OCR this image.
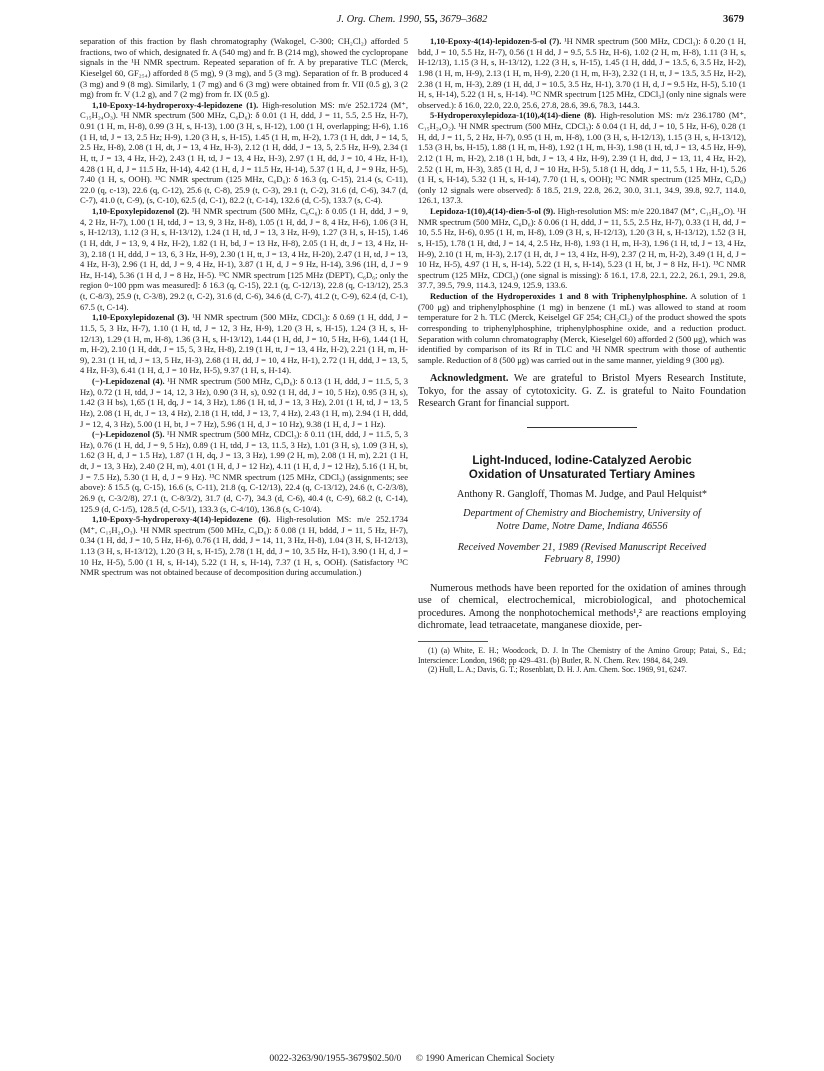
J. Org. Chem. 1990, 55, 3679–3682	3679

separation of this fraction by flash chromatography (Wakogel, C-300; CH₂Cl₂) afforded 5 fractions, two of which, designated fr. A (540 mg) and fr. B (214 mg), showed the cyclopropane signals in the ¹H NMR spectrum. Repeated separation of fr. A by preparative TLC (Merck, Kieselgel 60, GF₂₅₄) afforded 8 (5 mg), 9 (3 mg), and 5 (3 mg). Separation of fr. B produced 4 (3 mg) and 9 (8 mg). Similarly, 1 (7 mg) and 6 (3 mg) were obtained from fr. VII (0.5 g), 3 (2 mg) from fr. V (1.2 g), and 7 (2 mg) from fr. IX (0.5 g).

1,10-Epoxy-14-hydroperoxy-4-lepidozene (1). High-resolution MS: m/e 252.1724 (M⁺, C₁₅H₂₄O₃). ¹H NMR spectrum (500 MHz, C₆D₆): δ 0.01 (1 H, ddd, J = 11, 5.5, 2.5 Hz, H-7), 0.91 (1 H, m, H-8), 0.99 (3 H, s, H-13), 1.00 (3 H, s, H-12), 1.00 (1 H, overlapping; H-6), 1.16 (1 H, td, J = 13, 2.5 Hz; H-9), 1.20 (3 H, s, H-15), 1.45 (1 H, m, H-2), 1.73 (1 H, ddt, J = 14, 5, 2.5 Hz, H-8), 2.08 (1 H, dt, J = 13, 4 Hz, H-3), 2.12 (1 H, ddd, J = 13, 5, 2.5 Hz, H-9), 2.34 (1 H, tt, J = 13, 4 Hz, H-2), 2.43 (1 H, td, J = 13, 4 Hz, H-3), 2.97 (1 H, dd, J = 10, 4 Hz, H-1), 4.28 (1 H, d, J = 11.5 Hz, H-14), 4.42 (1 H, d, J = 11.5 Hz, H-14), 5.37 (1 H, d, J = 9 Hz, H-5), 7.40 (1 H, s, OOH). ¹³C NMR spectrum (125 MHz, C₆D₆): δ 16.3 (q, C-15), 21.4 (s, C-11), 22.0 (q, c-13), 22.6 (q, C-12), 25.6 (t, C-8), 25.9 (t, C-3), 29.1 (t, C-2), 31.6 (d, C-6), 34.7 (d, C-7), 41.0 (t, C-9), (s, C-10), 62.5 (d, C-1), 82.2 (t, C-14), 132.6 (d, C-5), 133.7 (s, C-4).

1,10-Epoxylepidozenol (2). ¹H NMR spectrum (500 MHz, C₆C₆): δ 0.05 (1 H, ddd, J = 9, 4, 2 Hz, H-7), 1.00 (1 H, tdd, J = 13, 9, 3 Hz, H-8), 1.05 (1 H, dd, J = 8, 4 Hz, H-6), 1.06 (3 H, s, H-12/13), 1.12 (3 H, s, H-13/12), 1.24 (1 H, td, J = 13, 3 Hz, H-9), 1.27 (3 H, s, H-15), 1.46 (1 H, ddt, J = 13, 9, 4 Hz, H-2), 1.82 (1 H, bd, J = 13 Hz, H-8), 2.05 (1 H, dt, J = 13, 4 Hz, H-3), 2.18 (1 H, ddd, J = 13, 6, 3 Hz, H-9), 2.30 (1 H, tt, J = 13, 4 Hz, H-20), 2.47 (1 H, td, J = 13, 4 Hz, H-3), 2.96 (1 H, dd, J = 9, 4 Hz, H-1), 3.87 (1 H, d, J = 9 Hz, H-14), 3.96 (1H, d, J = 9 Hz, H-14), 5.36 (1 H d, J = 8 Hz, H-5). ¹³C NMR spectrum [125 MHz (DEPT), C₆D₆; only the region 0~100 ppm was measured]: δ 16.3 (q, C-15), 22.1 (q, C-12/13), 22.8 (q, C-13/12), 25.3 (t, C-8/3), 25.9 (t, C-3/8), 29.2 (t, C-2), 31.6 (d, C-6), 34.6 (d, C-7), 41.2 (t, C-9), 62.4 (d, C-1), 67.5 (t, C-14).

1,10-Epoxylepidozenal (3). ¹H NMR spectrum (500 MHz, CDCl₃): δ 0.69 (1 H, ddd, J = 11.5, 5, 3 Hz, H-7), 1.10 (1 H, td, J = 12, 3 Hz, H-9), 1.20 (3 H, s, H-15), 1.24 (3 H, s, H-12/13), 1.29 (1 H, m, H-8), 1.36 (3 H, s, H-13/12), 1.44 (1 H, dd, J = 10, 5 Hz, H-6), 1.44 (1 H, m, H-2), 2.10 (1 H, ddt, J = 15, 5, 3 Hz, H-8), 2.19 (1 H, tt, J = 13, 4 Hz, H-2), 2.21 (1 H, m, H-9), 2.31 (1 H, td, J = 13, 5 Hz, H-3), 2.68 (1 H, dd, J = 10, 4 Hz, H-1), 2.72 (1 H, ddd, J = 13, 5, 4 Hz, H-3), 6.41 (1 H, d, J = 10 Hz, H-5), 9.37 (1 H, s, H-14).

(−)-Lepidozenal (4). ¹H NMR spectrum (500 MHz, C₆D₆): δ 0.13 (1 H, ddd, J = 11.5, 5, 3 Hz), 0.72 (1 H, tdd, J = 14, 12, 3 Hz), 0.90 (3 H, s), 0.92 (1 H, dd, J = 10, 5 Hz), 0.95 (3 H, s), 1.42 (3 H bs), 1,65 (1 H, dq, J = 14, 3 Hz), 1.86 (1 H, td, J = 13, 3 Hz), 2.01 (1 H, td, J = 13, 5 Hz), 2.08 (1 H, dt, J = 13, 4 Hz), 2.18 (1 H, tdd, J = 13, 7, 4 Hz), 2.43 (1 H, m), 2.94 (1 H, ddd, J = 12, 4, 3 Hz), 5.00 (1 H, bt, J = 7 Hz), 5.96 (1 H, d, J = 10 Hz), 9.38 (1 H, d, J = 1 Hz).

(−)-Lepidozenol (5). ¹H NMR spectrum (500 MHz, CDCl₃): δ 0.11 (1H, ddd, J = 11.5, 5, 3 Hz), 0.76 (1 H, dd, J = 9, 5 Hz), 0.89 (1 H, tdd, J = 13, 11.5, 3 Hz), 1.01 (3 H, s), 1.09 (3 H, s), 1.62 (3 H, d, J = 1.5 Hz), 1.87 (1 H, dq, J = 13, 3 Hz), 1.99 (2 H, m), 2.08 (1 H, m), 2.21 (1 H, dt, J = 13, 3 Hz), 2.40 (2 H, m), 4.01 (1 H, d, J = 12 Hz), 4.11 (1 H, d, J = 12 Hz), 5.16 (1 H, bt, J = 7.5 Hz), 5.30 (1 H, d, J = 9 Hz). ¹³C NMR spectrum (125 MHz, CDCl₃) (assignments; see above): δ 15.5 (q, C-15), 16.6 (s, C-11), 21.8 (q, C-12/13), 22.4 (q, C-13/12), 24.6 (t, C-2/3/8), 26.9 (t, C-3/2/8), 27.1 (t, C-8/3/2), 31.7 (d, C-7), 34.3 (d, C-6), 40.4 (t, C-9), 68.2 (t, C-14), 125.9 (d, C-1/5), 128.5 (d, C-5/1), 133.3 (s, C-4/10), 136.8 (s, C-10/4).

1,10-Epoxy-5-hydroperoxy-4(14)-lepidozene (6). High-resolution MS: m/e 252.1734 (M⁺, C₁₅H₂₄O₃). ¹H NMR spectrum (500 MHz, C₆D₆): δ 0.08 (1 H, bddd, J = 11, 5 Hz, H-7), 0.34 (1 H, dd, J = 10, 5 Hz, H-6), 0.76 (1 H, ddd, J = 14, 11, 3 Hz, H-8), 1.04 (3 H, S, H-12/13), 1.13 (3 H, s, H-13/12), 1.20 (3 H, s, H-15), 2.78 (1 H, dd, J = 10, 3.5 Hz, H-1), 3.90 (1 H, d, J = 10 Hz, H-5), 5.00 (1 H, s, H-14), 5.22 (1 H, s, H-14), 7.37 (1 H, s, OOH). (Satisfactory ¹³C NMR spectrum was not obtained because of decomposition during accumulation.)

1,10-Epoxy-4(14)-lepidozen-5-ol (7). ¹H NMR spectrum (500 MHz, CDCl₃): δ 0.20 (1 H, bdd, J = 10, 5.5 Hz, H-7), 0.56 (1 H dd, J = 9.5, 5.5 Hz, H-6), 1.02 (2 H, m, H-8), 1.11 (3 H, s, H-12/13), 1.15 (3 H, s, H-13/12), 1.22 (3 H, s, H-15), 1.45 (1 H, ddd, J = 13.5, 6, 3.5 Hz, H-2), 1.98 (1 H, m, H-9), 2.13 (1 H, m, H-9), 2.20 (1 H, m, H-3), 2.32 (1 H, tt, J = 13.5, 3.5 Hz, H-2), 2.38 (1 H, m, H-3), 2.89 (1 H, dd, J = 10.5, 3.5 Hz, H-1), 3.70 (1 H, d, J = 9.5 Hz, H-5), 5.10 (1 H, s, H-14), 5.22 (1 H, s, H-14). ¹³C NMR spectrum [125 MHz, CDCl₃] (only nine signals were observed.): δ 16.0, 22.0, 22.0, 25.6, 27.8, 28.6, 39.6, 78.3, 144.3.

5-Hydroperoxylepidoza-1(10),4(14)-diene (8). High-resolution MS: m/z 236.1780 (M⁺, C₁₅H₂₄O₂). ¹H NMR spectrum (500 MHz, CDCl₃): δ 0.04 (1 H, dd, J = 10, 5 Hz, H-6), 0.28 (1 H, dd, J = 11, 5, 2 Hz, H-7), 0.95 (1 H, m, H-8), 1.00 (3 H, s, H-12/13), 1.15 (3 H, s, H-13/12), 1.53 (3 H, bs, H-15), 1.88 (1 H, m, H-8), 1.92 (1 H, m, H-3), 1.98 (1 H, td, J = 13, 4.5 Hz, H-9), 2.12 (1 H, m, H-2), 2.18 (1 H, bdt, J = 13, 4 Hz, H-9), 2.39 (1 H, dtd, J = 13, 11, 4 Hz, H-2), 2.52 (1 H, m, H-3), 3.85 (1 H, d, J = 10 Hz, H-5), 5.18 (1 H, ddq, J = 11, 5.5, 1 Hz, H-1), 5.26 (1 H, s, H-14), 5.32 (1 H, s, H-14), 7.70 (1 H, s, OOH); ¹³C NMR spectrum (125 MHz, C₆D₆) (only 12 signals were observed): δ 18.5, 21.9, 22.8, 26.2, 30.0, 31.1, 34.9, 39.8, 92.7, 114.0, 126.1, 137.3.

Lepidoza-1(10),4(14)-dien-5-ol (9). High-resolution MS: m/e 220.1847 (M⁺, C₁₅H₂₄O). ¹H NMR spectrum (500 MHz, C₆D₆): δ 0.06 (1 H, ddd, J = 11, 5.5, 2.5 Hz, H-7), 0.33 (1 H, dd, J = 10, 5.5 Hz, H-6), 0.95 (1 H, m, H-8), 1.09 (3 H, s, H-12/13), 1.20 (3 H, s, H-13/12), 1.52 (3 H, s, H-15), 1.78 (1 H, dtd, J = 14, 4, 2.5 Hz, H-8), 1.93 (1 H, m, H-3), 1.96 (1 H, td, J = 13, 4 Hz, H-9), 2.10 (1 H, m, H-3), 2.17 (1 H, dt, J = 13, 4 Hz, H-9), 2.37 (2 H, m, H-2), 3.49 (1 H, d, J = 10 Hz, H-5), 4.97 (1 H, s, H-14), 5.22 (1 H, s, H-14), 5.23 (1 H, bt, J = 8 Hz, H-1). ¹³C NMR spectrum (125 MHz, CDCl₃) (one signal is missing): δ 16.1, 17.8, 22.1, 22.2, 26.1, 29.1, 29.8, 37.7, 39.5, 79.9, 114.3, 124.9, 125.9, 133.6.

Reduction of the Hydroperoxides 1 and 8 with Triphenylphosphine. A solution of 1 (700 μg) and triphenylphosphine (1 mg) in benzene (1 mL) was allowed to stand at room temperature for 2 h. TLC (Merck, Keiselgel GF 254; CH₂Cl₂) of the product showed the spots corresponding to triphenylphosphine, triphenylphosphine oxide, and a reduction product. Separation with column chromatography (Merck, Kieselgel 60) afforded 2 (500 μg), which was identified by comparison of its Rf in TLC and ¹H NMR spectrum with those of authentic sample. Reduction of 8 (500 μg) was carried out in the same manner, yielding 9 (300 μg).

Acknowledgment. We are grateful to Bristol Myers Research Institute, Tokyo, for the assay of cytotoxicity. G. Z. is grateful to Naito Foundation Research Grant for financial support.

Light-Induced, Iodine-Catalyzed Aerobic
Oxidation of Unsaturated Tertiary Amines
Anthony R. Gangloff, Thomas M. Judge, and Paul Helquist*
Department of Chemistry and Biochemistry, University of
Notre Dame, Notre Dame, Indiana 46556
Received November 21, 1989 (Revised Manuscript Received
February 8, 1990)

Numerous methods have been reported for the oxidation of amines through use of chemical, electrochemical, microbiological, and photochemical procedures. Among the nonphotochemical methods¹,² are reactions employing dichromate, lead tetraacetate, manganese dioxide, per-

(1) (a) White, E. H.; Woodcock, D. J. In The Chemistry of the Amino Group; Patai, S., Ed.; Interscience: London, 1968; pp 429–431. (b) Butler, R. N. Chem. Rev. 1984, 84, 249.

(2) Hull, L. A.; Davis, G. T.; Rosenblatt, D. H. J. Am. Chem. Soc. 1969, 91, 6247.

0022-3263/90/1955-3679$02.50/0 © 1990 American Chemical Society
